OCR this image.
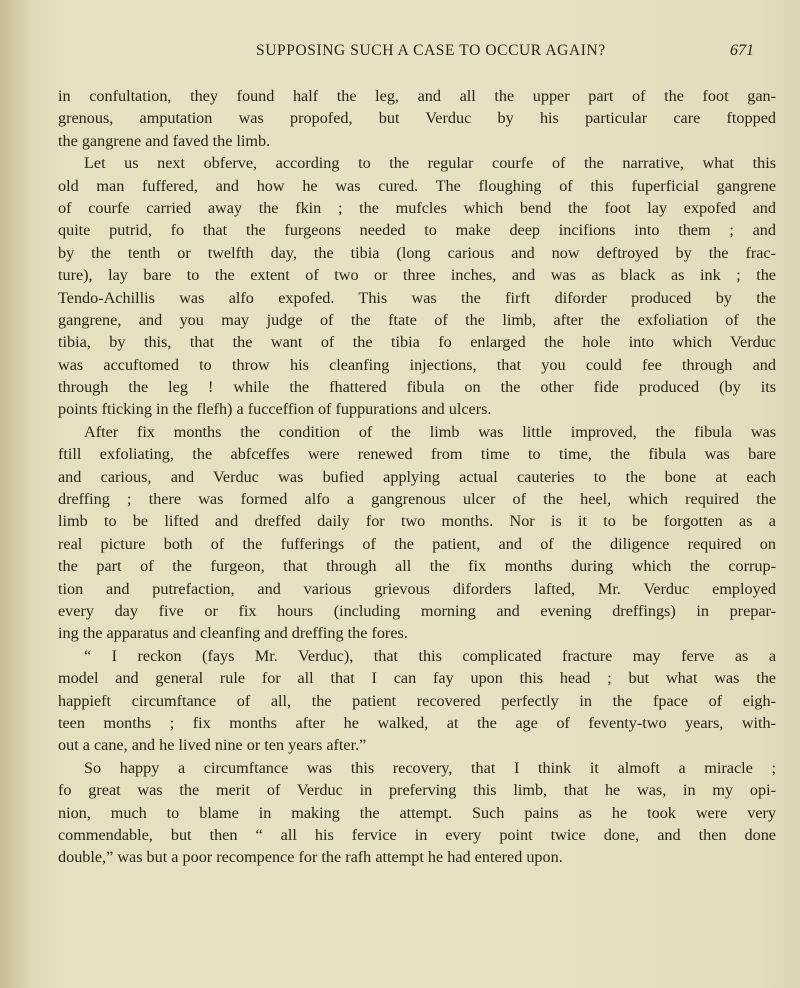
SUPPOSING SUCH A CASE TO OCCUR AGAIN?	671
in confultation, they found half the leg, and all the upper part of the foot gan-
grenous, amputation was propofed, but Verduc by his particular care ftopped
the gangrene and faved the limb.
Let us next obferve, according to the regular courfe of the narrative, what this
old man fuffered, and how he was cured. The floughing of this fuperficial gangrene
of courfe carried away the fkin ; the mufcles which bend the foot lay expofed and
quite putrid, fo that the furgeons needed to make deep incifions into them ; and
by the tenth or twelfth day, the tibia (long carious and now deftroyed by the frac-
ture), lay bare to the extent of two or three inches, and was as black as ink ; the
Tendo-Achillis was alfo expofed. This was the firft diforder produced by the
gangrene, and you may judge of the ftate of the limb, after the exfoliation of the
tibia, by this, that the want of the tibia fo enlarged the hole into which Verduc
was accuftomed to throw his cleanfing injections, that you could fee through and
through the leg ! while the fhattered fibula on the other fide produced (by its
points fticking in the flefh) a fucceffion of fuppurations and ulcers.
After fix months the condition of the limb was little improved, the fibula was
ftill exfoliating, the abfceffes were renewed from time to time, the fibula was bare
and carious, and Verduc was bufied applying actual cauteries to the bone at each
dreffing ; there was formed alfo a gangrenous ulcer of the heel, which required the
limb to be lifted and dreffed daily for two months. Nor is it to be forgotten as a
real picture both of the fufferings of the patient, and of the diligence required on
the part of the furgeon, that through all the fix months during which the corrup-
tion and putrefaction, and various grievous diforders lafted, Mr. Verduc employed
every day five or fix hours (including morning and evening dreffings) in prepar-
ing the apparatus and cleanfing and dreffing the fores.
“ I reckon (fays Mr. Verduc), that this complicated fracture may ferve as a
model and general rule for all that I can fay upon this head ; but what was the
happieft circumftance of all, the patient recovered perfectly in the fpace of eigh-
teen months ; fix months after he walked, at the age of feventy-two years, with-
out a cane, and he lived nine or ten years after.”
So happy a circumftance was this recovery, that I think it almoft a miracle ;
fo great was the merit of Verduc in preferving this limb, that he was, in my opi-
nion, much to blame in making the attempt. Such pains as he took were very
commendable, but then “ all his fervice in every point twice done, and then done
double,” was but a poor recompence for the rafh attempt he had entered upon.
